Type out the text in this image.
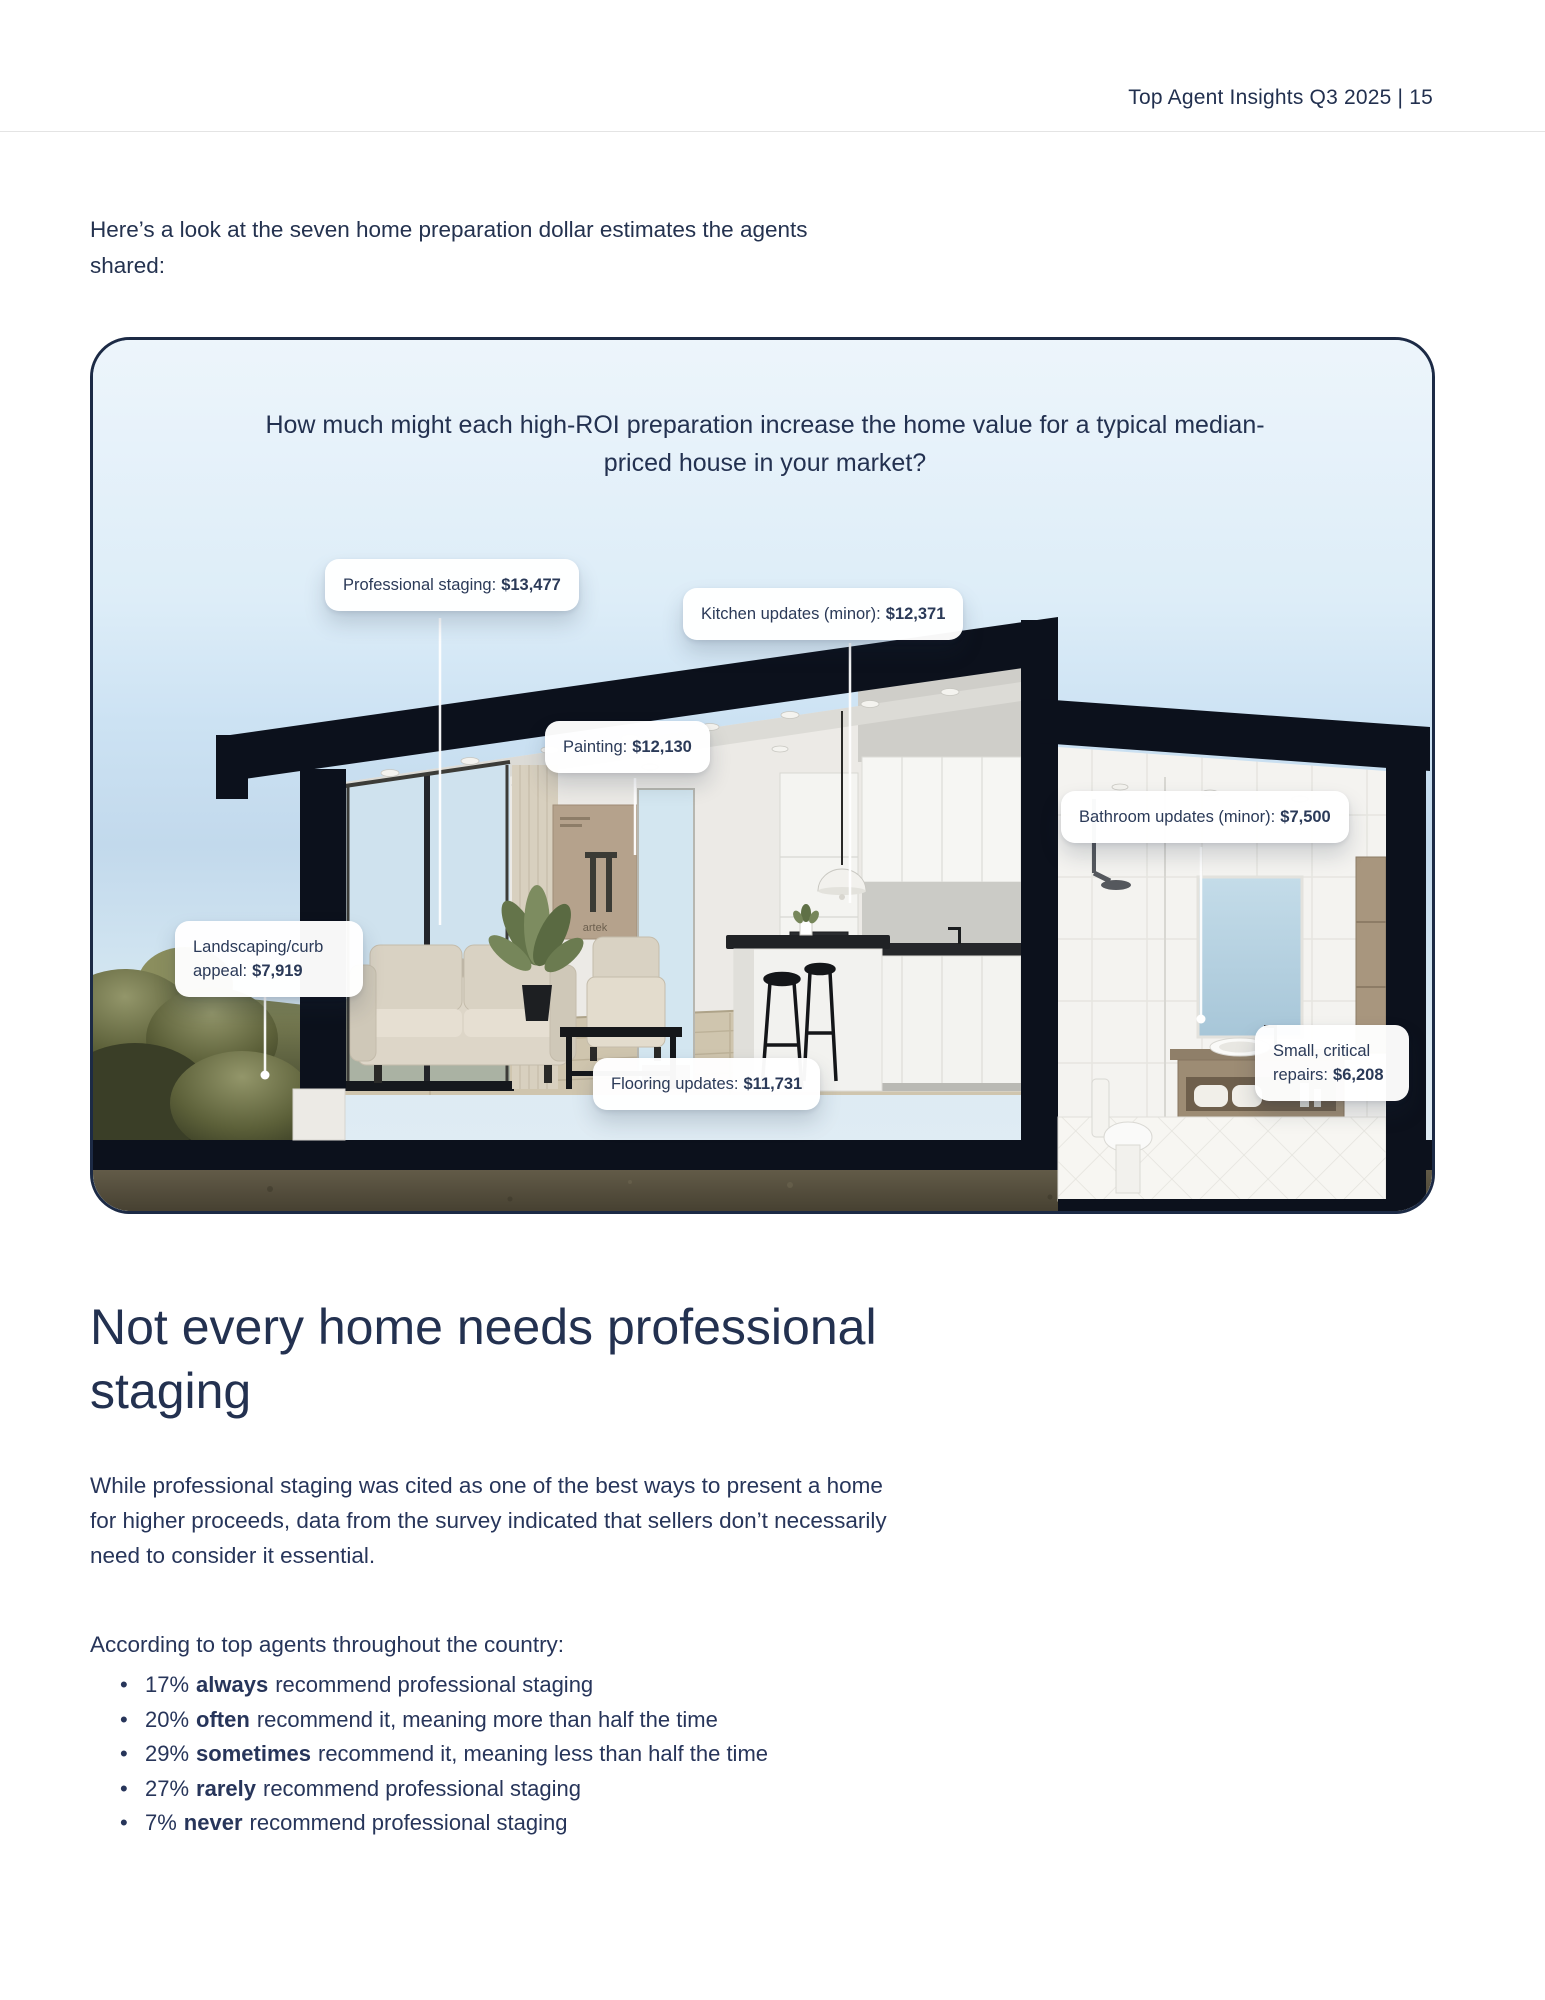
Top Agent Insights Q3 2025 | 15
Here’s a look at the seven home preparation dollar estimates the agents shared:
artek
How much might each high-ROI preparation increase the home value for a typical median-priced house in your market?
Professional staging: $13,477
Kitchen updates (minor): $12,371
Painting: $12,130
Bathroom updates (minor): $7,500
Landscaping/curb appeal: $7,919
Flooring updates: $11,731
Small, critical repairs: $6,208
Not every home needs professional staging
While professional staging was cited as one of the best ways to present a home for higher proceeds, data from the survey indicated that sellers don’t necessarily need to consider it essential.
According to top agents throughout the country:
• 17% always recommend professional staging
• 20% often recommend it, meaning more than half the time
• 29% sometimes recommend it, meaning less than half the time
• 27% rarely recommend professional staging
• 7% never recommend professional staging
